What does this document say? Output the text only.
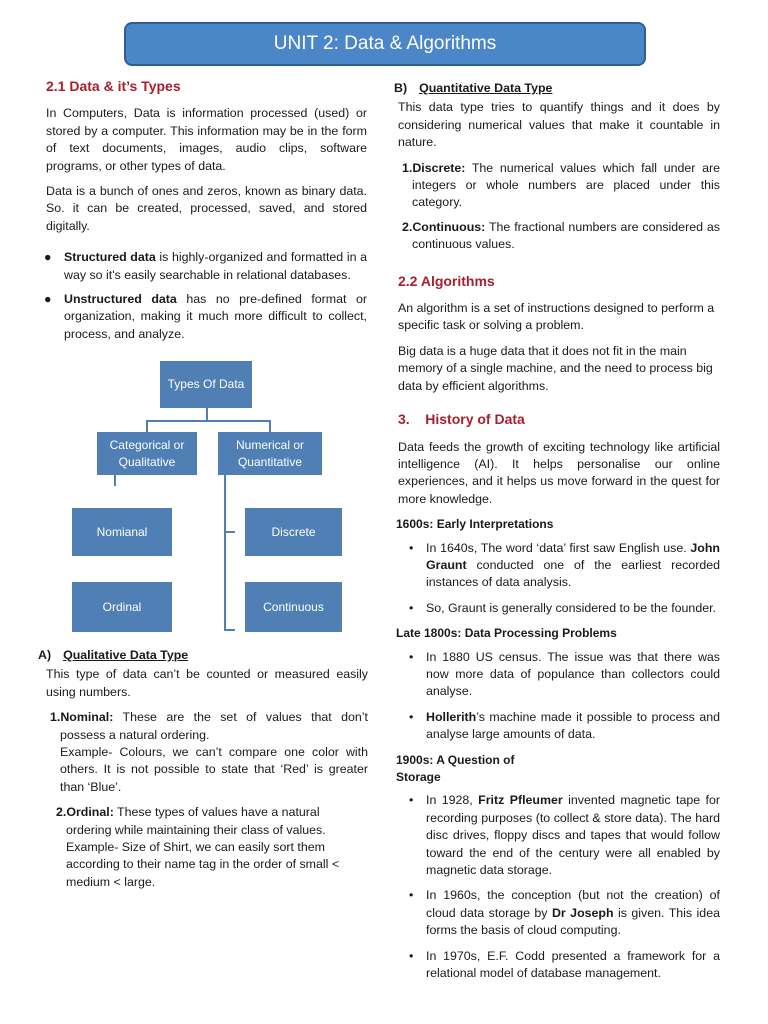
UNIT 2: Data & Algorithms
2.1 Data & it’s Types
In Computers, Data is information processed (used) or stored by a computer. This information may be in the form of text documents, images, audio clips, software programs, or other types of data.
Data is a bunch of ones and zeros, known as binary data. So. it can be created, processed, saved, and stored digitally.
● Structured data is highly-organized and formatted in a way so it's easily searchable in relational databases.
● Unstructured data has no pre-defined format or organization, making it much more difficult to collect, process, and analyze.
Types Of Data
Categorical or Qualitative
Numerical or Quantitative
Nomianal
Ordinal
Discrete
Continuous
A) Qualitative Data Type
This type of data can’t be counted or measured easily using numbers.
1.Nominal: These are the set of values that don’t possess a natural ordering.
Example- Colours, we can’t compare one color with others. It is not possible to state that ‘Red’ is greater than ‘Blue’.
2.Ordinal: These types of values have a natural ordering while maintaining their class of values. Example- Size of Shirt, we can easily sort them according to their name tag in the order of small < medium < large.
B) Quantitative Data Type
This data type tries to quantify things and it does by considering numerical values that make it countable in nature.
1.Discrete: The numerical values which fall under are integers or whole numbers are placed under this category.
2.Continuous: The fractional numbers are considered as continuous values.
2.2 Algorithms
An algorithm is a set of instructions designed to perform a specific task or solving a problem.
Big data is a huge data that it does not fit in the main memory of a single machine, and the need to process big data by efficient algorithms.
3. History of Data
Data feeds the growth of exciting technology like artificial intelligence (AI). It helps personalise our online experiences, and it helps us move forward in the quest for more knowledge.
1600s: Early Interpretations
• In 1640s, The word ‘data’ first saw English use. John Graunt conducted one of the earliest recorded instances of data analysis.
• So, Graunt is generally considered to be the founder.
Late 1800s: Data Processing Problems
• In 1880 US census. The issue was that there was now more data of populance than collectors could analyse.
• Hollerith’s machine made it possible to process and analyse large amounts of data.
1900s: A Question of Storage
• In 1928, Fritz Pfleumer invented magnetic tape for recording purposes (to collect & store data). The hard disc drives, floppy discs and tapes that would follow toward the end of the century were all enabled by magnetic data storage.
• In 1960s, the conception (but not the creation) of cloud data storage by Dr Joseph is given. This idea forms the basis of cloud computing.
• In 1970s, E.F. Codd presented a framework for a relational model of database management.
